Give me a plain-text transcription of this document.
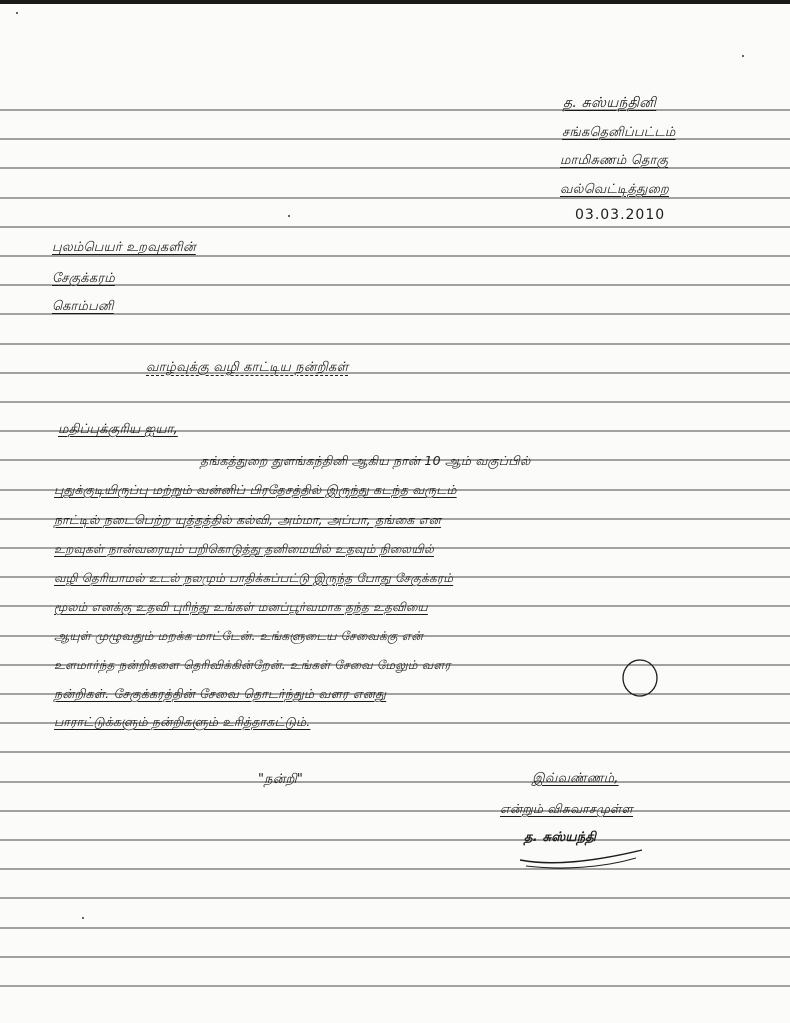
த. சுஸ்யந்தினி
சங்கதெனிப்பட்டம்
மாமிசுணம் தொகு
வல்வெட்டித்துறை
03.03.2010
புலம்பெயர் உறவுகளின்
சேகுக்கரம்
கொம்பனி
வாழ்வுக்கு வழி காட்டிய நன்றிகள்
மதிப்புக்குரிய ஐயா,
தங்கத்துறை துளங்கந்தினி ஆகிய நான் 10 ஆம் வகுப்பில்
புதுக்குடியிருப்பு மற்றும் வன்னிப் பிரதேசத்தில் இருந்து கடந்த வருடம்
நாட்டில் நடைபெற்ற யுத்தத்தில் கல்வி, அம்மா, அப்பா, தங்கை என
உறவுகள் நான்வரையும் பறிகொடுத்து தனிமையில் உதவும் நிலையில்
வழி தெரியாமல் உடல் நலமும் பாதிக்கப்பட்டு இருந்த போது சேகுக்கரம்
மூலம் எனக்கு உதவி புரிந்து உங்கள் மனப்பூர்வமாக தந்த உதவியை
ஆயுள் முழுவதும் மறக்க மாட்டேன். உங்களுடைய சேவைக்கு என்
உளமார்ந்த நன்றிகளை தெரிவிக்கின்றேன். உங்கள் சேவை மேலும் வளர
நன்றிகள். சேகுக்கரத்தின் சேவை தொடர்ந்தும் வளர எனது
பாராட்டுக்களும் நன்றிகளும் உரித்தாகட்டும்.
"நன்றி"	இவ்வண்ணம்,
என்றும் விசுவாசமுள்ள
த. சுஸ்யந்தி
